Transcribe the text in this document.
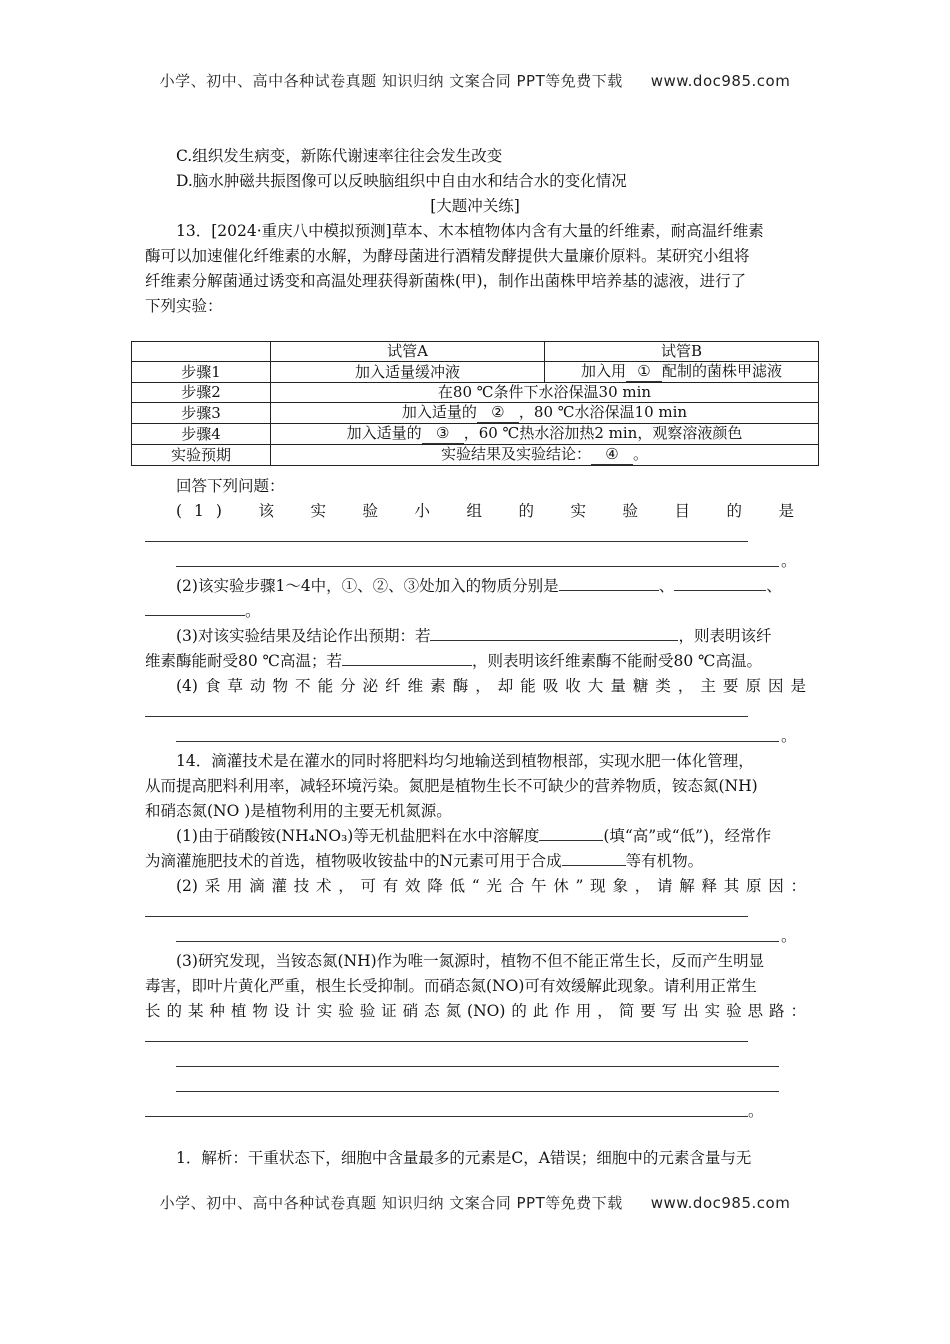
小学、初中、高中各种试卷真题 知识归纳 文案合同 PPT等免费下载 www.doc985.com
C.组织发生病变，新陈代谢速率往往会发生改变
D.脑水肿磁共振图像可以反映脑组织中自由水和结合水的变化情况
[大题冲关练]
13．[2024·重庆八中模拟预测]草本、木本植物体内含有大量的纤维素，耐高温纤维素
酶可以加速催化纤维素的水解，为酵母菌进行酒精发酵提供大量廉价原料。某研究小组将
纤维素分解菌通过诱变和高温处理获得新菌株(甲)，制作出菌株甲培养基的滤液，进行了
下列实验：
	试管A	试管B
步骤1	加入适量缓冲液	加入用 ① 配制的菌株甲滤液
步骤2	在80 ℃条件下水浴保温30 min	
步骤3	加入适量的 ② ，80 ℃水浴保温10 min	
步骤4	加入适量的 ③ ，60 ℃热水浴加热2 min，观察溶液颜色	
实验预期	实验结果及实验结论： ④ 。	
回答下列问题：
(1)该实验小组的实验目的是
。
(2)该实验步骤1～4中，①、②、③处加入的物质分别是	、	、
。
(3)对该实验结果及结论作出预期：若	，则表明该纤
维素酶能耐受80 ℃高温；若	，则表明该纤维素酶不能耐受80 ℃高温。
(4)食草动物不能分泌纤维素酶，却能吸收大量糖类，主要原因是
。
14．滴灌技术是在灌水的同时将肥料均匀地输送到植物根部，实现水肥一体化管理，
从而提高肥料利用率，减轻环境污染。氮肥是植物生长不可缺少的营养物质，铵态氮(NH)
和硝态氮(NO )是植物利用的主要无机氮源。
(1)由于硝酸铵(NH₄NO₃)等无机盐肥料在水中溶解度	(填“高”或“低”)，经常作
为滴灌施肥技术的首选，植物吸收铵盐中的N元素可用于合成	等有机物。
(2)采用滴灌技术，可有效降低“光合午休”现象，请解释其原因：
。
(3)研究发现，当铵态氮(NH)作为唯一氮源时，植物不但不能正常生长，反而产生明显
毒害，即叶片黄化严重，根生长受抑制。而硝态氮(NO)可有效缓解此现象。请利用正常生
长的某种植物设计实验验证硝态氮(NO)的此作用，简要写出实验思路：
。
1．解析：干重状态下，细胞中含量最多的元素是C，A错误；细胞中的元素含量与无
小学、初中、高中各种试卷真题 知识归纳 文案合同 PPT等免费下载 www.doc985.com
